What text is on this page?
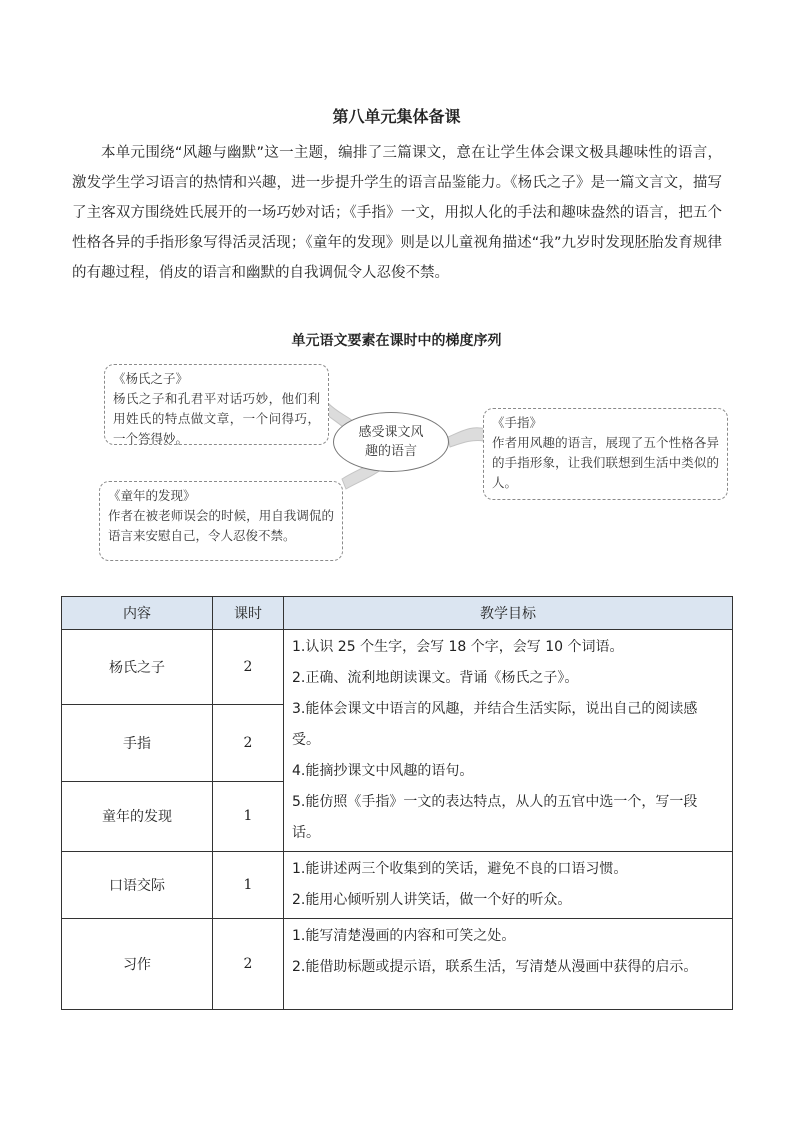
第八单元集体备课

本单元围绕“风趣与幽默”这一主题，编排了三篇课文，意在让学生体会课文极具趣味性的语言，激发学生学习语言的热情和兴趣，进一步提升学生的语言品鉴能力。《杨氏之子》是一篇文言文，描写了主客双方围绕姓氏展开的一场巧妙对话；《手指》一文，用拟人化的手法和趣味盎然的语言，把五个性格各异的手指形象写得活灵活现；《童年的发现》则是以儿童视角描述“我”九岁时发现胚胎发育规律的有趣过程，俏皮的语言和幽默的自我调侃令人忍俊不禁。

单元语文要素在课时中的梯度序列
《杨氏之子》
杨氏之子和孔君平对话巧妙，他们利用姓氏的特点做文章，一个问得巧，一个答得妙。	感受课文风趣的语言
《手指》
作者用风趣的语言，展现了五个性格各异的手指形象，让我们联想到生活中类似的人。
《童年的发现》
作者在被老师误会的时候，用自我调侃的语言来安慰自己，令人忍俊不禁。
内容	课时	教学目标
杨氏之子	2	1.认识 25 个生字，会写 18 个字，会写 10 个词语。
2.正确、流利地朗读课文。背诵《杨氏之子》。
3.能体会课文中语言的风趣，并结合生活实际，说出自己的阅读感受。
4.能摘抄课文中风趣的语句。
5.能仿照《手指》一文的表达特点，从人的五官中选一个，写一段话。

手指	2	
童年的发现	1	
口语交际	1	1.能讲述两三个收集到的笑话，避免不良的口语习惯。
2.能用心倾听别人讲笑话，做一个好的听众。

习作	2	1.能写清楚漫画的内容和可笑之处。
2.能借助标题或提示语，联系生活，写清楚从漫画中获得的启示。
